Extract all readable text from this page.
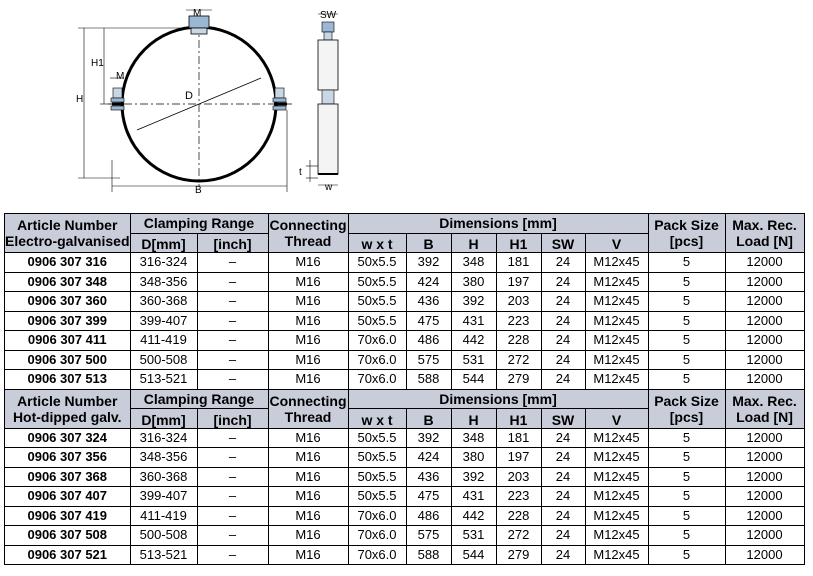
M
H1
H
M
D
B
SW
t
w
Article Number
Electro-galvanised	Clamping Range		Connecting
Thread	Dimensions [mm]						Pack Size
[pcs]	Max. Rec.
Load [N]

	D[mm]	[inch]		w x t	B	H	H1	SW	V		
0906 307 316	316-324	–	M16	50x5.5	392	348	181	24	M12x45	5	12000
0906 307 348	348-356	–	M16	50x5.5	424	380	197	24	M12x45	5	12000
0906 307 360	360-368	–	M16	50x5.5	436	392	203	24	M12x45	5	12000
0906 307 399	399-407	–	M16	50x5.5	475	431	223	24	M12x45	5	12000
0906 307 411	411-419	–	M16	70x6.0	486	442	228	24	M12x45	5	12000
0906 307 500	500-508	–	M16	70x6.0	575	531	272	24	M12x45	5	12000
0906 307 513	513-521	–	M16	70x6.0	588	544	279	24	M12x45	5	12000

Article Number
Hot-dipped galv.	Clamping Range		Connecting
Thread	Dimensions [mm]						Pack Size
[pcs]	Max. Rec.
Load [N]

	D[mm]	[inch]		w x t	B	H	H1	SW	V		
0906 307 324	316-324	–	M16	50x5.5	392	348	181	24	M12x45	5	12000
0906 307 356	348-356	–	M16	50x5.5	424	380	197	24	M12x45	5	12000
0906 307 368	360-368	–	M16	50x5.5	436	392	203	24	M12x45	5	12000
0906 307 407	399-407	–	M16	50x5.5	475	431	223	24	M12x45	5	12000
0906 307 419	411-419	–	M16	70x6.0	486	442	228	24	M12x45	5	12000
0906 307 508	500-508	–	M16	70x6.0	575	531	272	24	M12x45	5	12000
0906 307 521	513-521	–	M16	70x6.0	588	544	279	24	M12x45	5	12000
